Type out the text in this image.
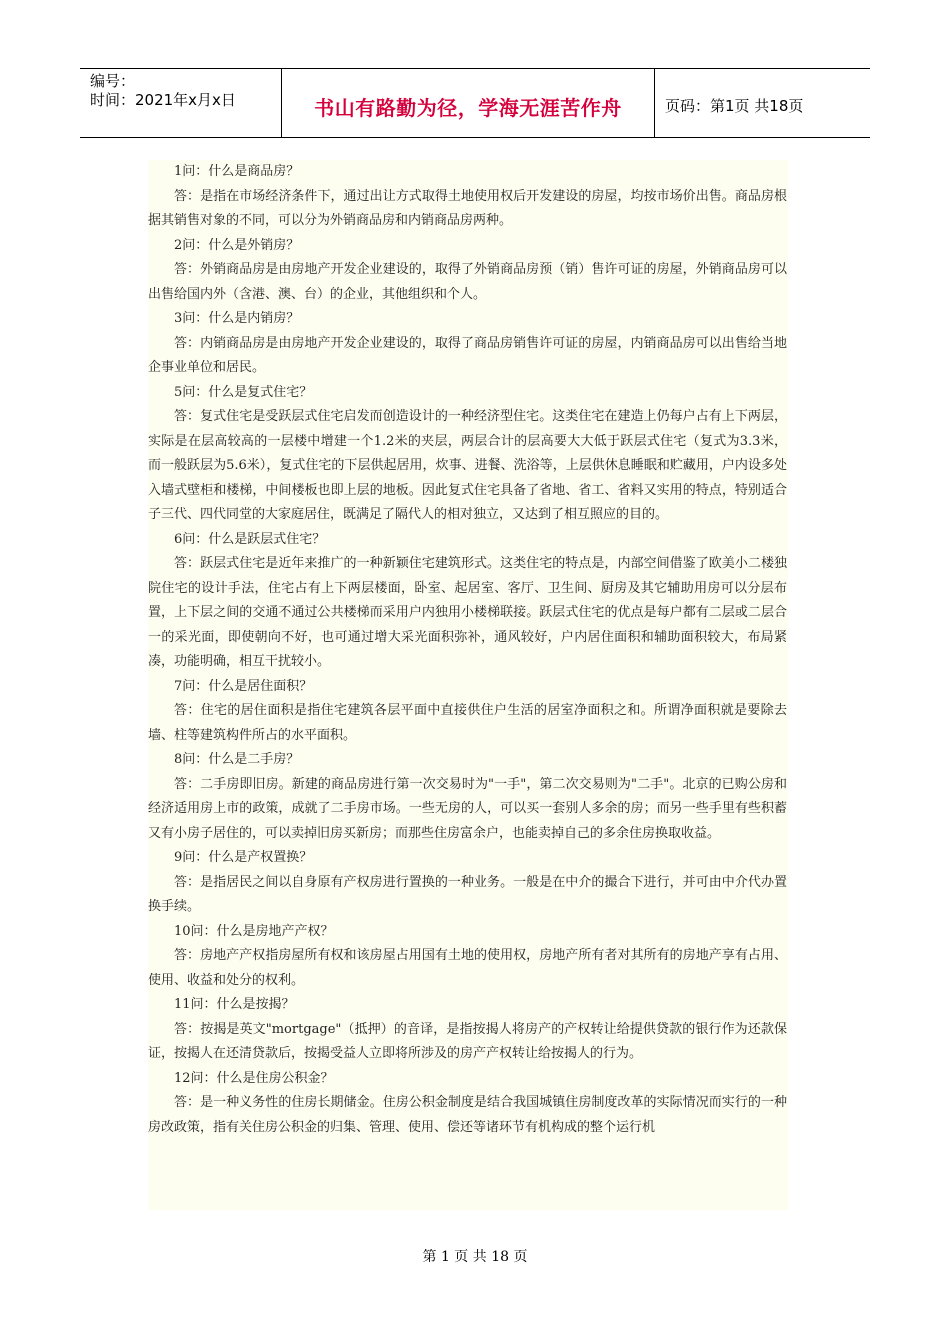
编号：
时间：2021年x月x日	书山有路勤为径，学海无涯苦作舟	页码：第1页 共18页

1问：什么是商品房？

答：是指在市场经济条件下，通过出让方式取得土地使用权后开发建设的房屋，均按市场价出售。商品房根据其销售对象的不同，可以分为外销商品房和内销商品房两种。

2问：什么是外销房？

答：外销商品房是由房地产开发企业建设的，取得了外销商品房预（销）售许可证的房屋，外销商品房可以出售给国内外（含港、澳、台）的企业，其他组织和个人。

3问：什么是内销房？

答：内销商品房是由房地产开发企业建设的，取得了商品房销售许可证的房屋，内销商品房可以出售给当地企事业单位和居民。

5问：什么是复式住宅？

答：复式住宅是受跃层式住宅启发而创造设计的一种经济型住宅。这类住宅在建造上仍每户占有上下两层，实际是在层高较高的一层楼中增建一个1.2米的夹层，两层合计的层高要大大低于跃层式住宅（复式为3.3米，而一般跃层为5.6米），复式住宅的下层供起居用，炊事、进餐、洗浴等，上层供休息睡眠和贮藏用，户内设多处入墙式壁柜和楼梯，中间楼板也即上层的地板。因此复式住宅具备了省地、省工、省料又实用的特点，特别适合子三代、四代同堂的大家庭居住，既满足了隔代人的相对独立，又达到了相互照应的目的。

6问：什么是跃层式住宅？

答：跃层式住宅是近年来推广的一种新颖住宅建筑形式。这类住宅的特点是，内部空间借鉴了欧美小二楼独院住宅的设计手法，住宅占有上下两层楼面，卧室、起居室、客厅、卫生间、厨房及其它辅助用房可以分层布置，上下层之间的交通不通过公共楼梯而采用户内独用小楼梯联接。跃层式住宅的优点是每户都有二层或二层合一的采光面，即使朝向不好，也可通过增大采光面积弥补，通风较好，户内居住面积和辅助面积较大，布局紧凑，功能明确，相互干扰较小。

7问：什么是居住面积？

答：住宅的居住面积是指住宅建筑各层平面中直接供住户生活的居室净面积之和。所谓净面积就是要除去墙、柱等建筑构件所占的水平面积。

8问：什么是二手房？

答：二手房即旧房。新建的商品房进行第一次交易时为"一手"，第二次交易则为"二手"。北京的已购公房和经济适用房上市的政策，成就了二手房市场。一些无房的人，可以买一套别人多余的房；而另一些手里有些积蓄又有小房子居住的，可以卖掉旧房买新房；而那些住房富余户，也能卖掉自己的多余住房换取收益。

9问：什么是产权置换？

答：是指居民之间以自身原有产权房进行置换的一种业务。一般是在中介的撮合下进行，并可由中介代办置换手续。

10问：什么是房地产产权？

答：房地产产权指房屋所有权和该房屋占用国有土地的使用权，房地产所有者对其所有的房地产享有占用、使用、收益和处分的权利。

11问：什么是按揭？

答：按揭是英文"mortgage"（抵押）的音译，是指按揭人将房产的产权转让给提供贷款的银行作为还款保证，按揭人在还清贷款后，按揭受益人立即将所涉及的房产产权转让给按揭人的行为。

12问：什么是住房公积金？

答：是一种义务性的住房长期储金。住房公积金制度是结合我国城镇住房制度改革的实际情况而实行的一种房改政策，指有关住房公积金的归集、管理、使用、偿还等诸环节有机构成的整个运行机

第 1 页 共 18 页
